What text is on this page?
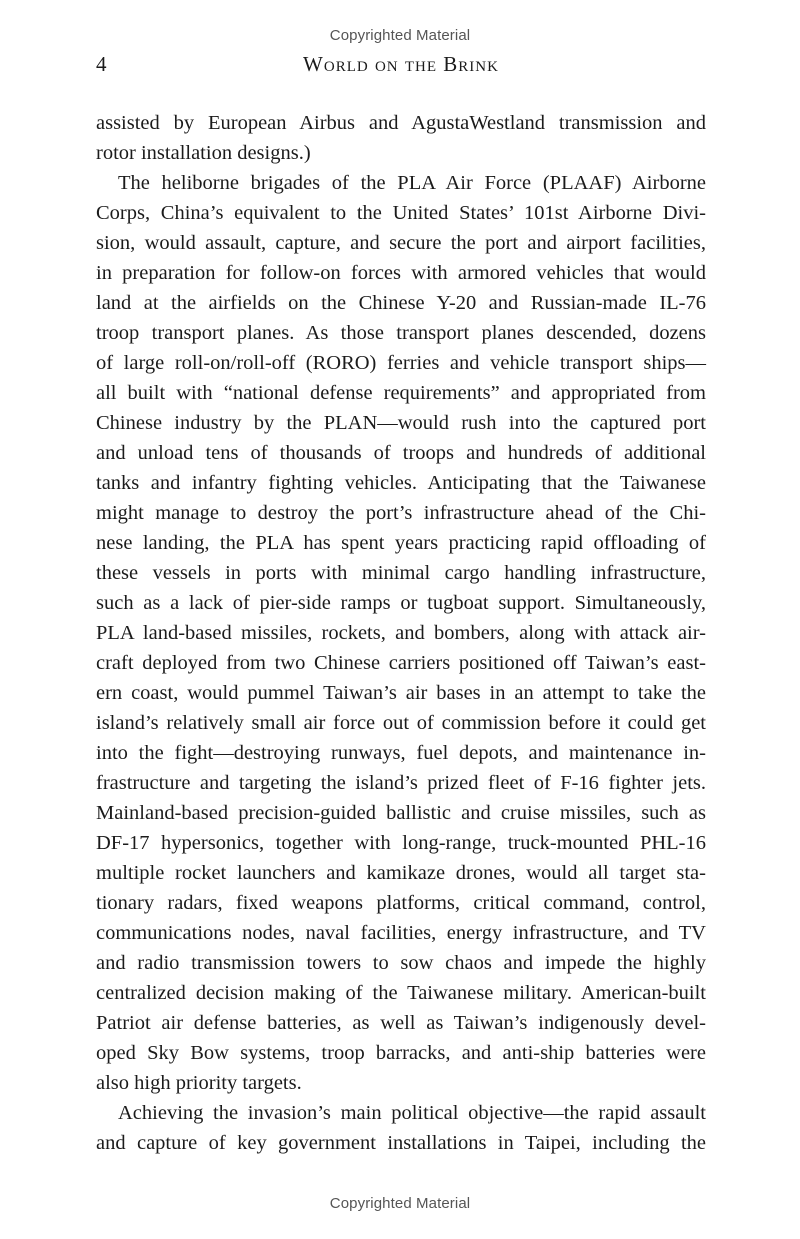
Copyrighted Material
4	World on the Brink
assisted by European Airbus and AgustaWestland transmission and
rotor installation designs.)
The heliborne brigades of the PLA Air Force (PLAAF) Airborne
Corps, China’s equivalent to the United States’ 101st Airborne Divi-
sion, would assault, capture, and secure the port and airport facilities,
in preparation for follow-on forces with armored vehicles that would
land at the airfields on the Chinese Y-20 and Russian-made IL-76
troop transport planes. As those transport planes descended, dozens
of large roll-on/roll-off (RORO) ferries and vehicle transport ships—
all built with “national defense requirements” and appropriated from
Chinese industry by the PLAN—would rush into the captured port
and unload tens of thousands of troops and hundreds of additional
tanks and infantry fighting vehicles. Anticipating that the Taiwanese
might manage to destroy the port’s infrastructure ahead of the Chi-
nese landing, the PLA has spent years practicing rapid offloading of
these vessels in ports with minimal cargo handling infrastructure,
such as a lack of pier-side ramps or tugboat support. Simultaneously,
PLA land-based missiles, rockets, and bombers, along with attack air-
craft deployed from two Chinese carriers positioned off Taiwan’s east-
ern coast, would pummel Taiwan’s air bases in an attempt to take the
island’s relatively small air force out of commission before it could get
into the fight—destroying runways, fuel depots, and maintenance in-
frastructure and targeting the island’s prized fleet of F-16 fighter jets.
Mainland-based precision-guided ballistic and cruise missiles, such as
DF-17 hypersonics, together with long-range, truck-mounted PHL-16
multiple rocket launchers and kamikaze drones, would all target sta-
tionary radars, fixed weapons platforms, critical command, control,
communications nodes, naval facilities, energy infrastructure, and TV
and radio transmission towers to sow chaos and impede the highly
centralized decision making of the Taiwanese military. American-built
Patriot air defense batteries, as well as Taiwan’s indigenously devel-
oped Sky Bow systems, troop barracks, and anti-ship batteries were
also high priority targets.
Achieving the invasion’s main political objective—the rapid assault
and capture of key government installations in Taipei, including the
Copyrighted Material
